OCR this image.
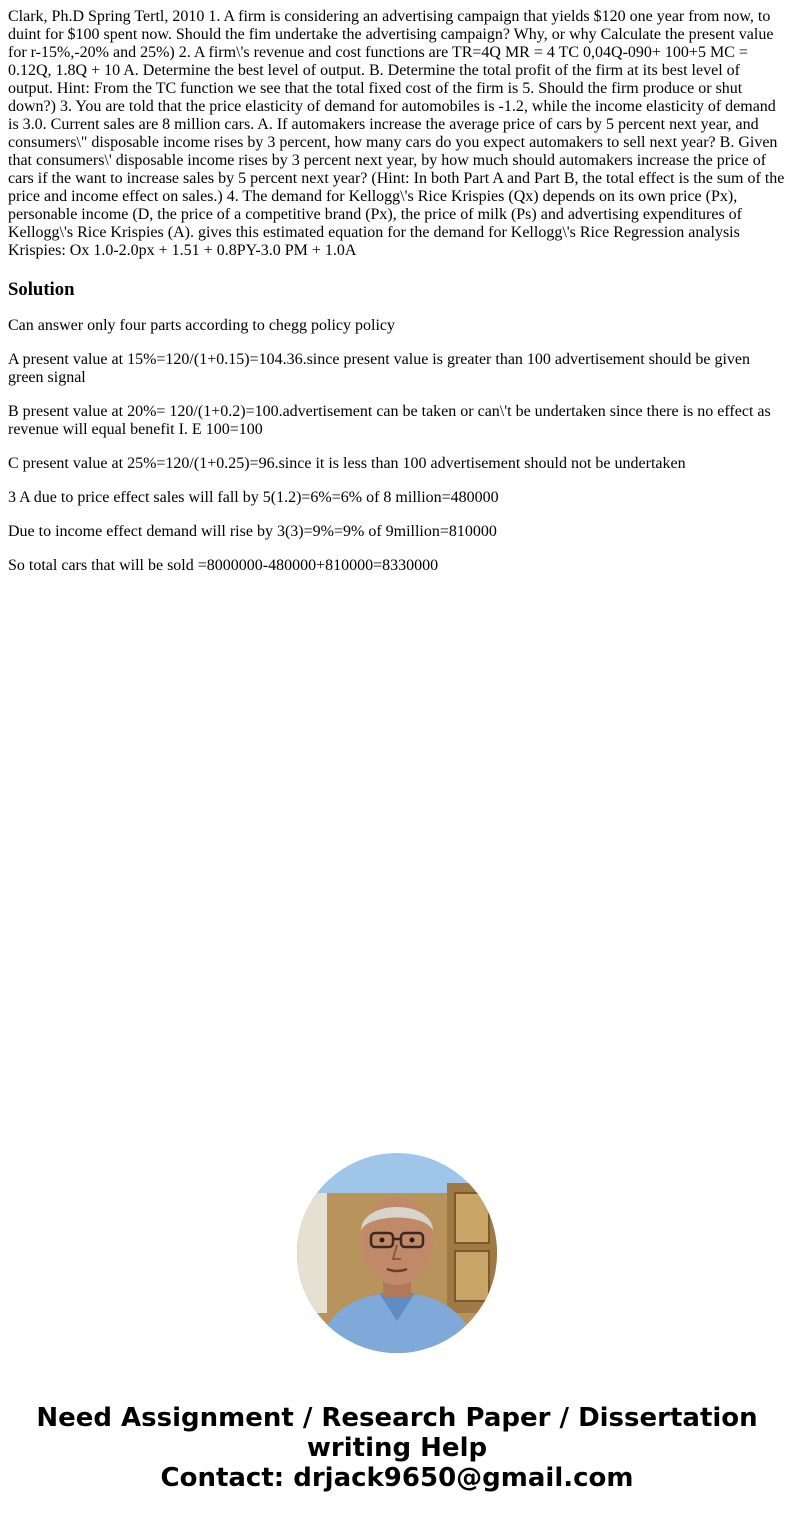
Clark, Ph.D Spring Tertl, 2010 1. A firm is considering an advertising campaign that yields $120 one year from now, to duint for $100 spent now. Should the fim undertake the advertising campaign? Why, or why Calculate the present value for r-15%,-20% and 25%) 2. A firm\'s revenue and cost functions are TR=4Q MR = 4 TC 0,04Q-090+ 100+5 MC = 0.12Q, 1.8Q + 10 A. Determine the best level of output. B. Determine the total profit of the firm at its best level of output. Hint: From the TC function we see that the total fixed cost of the firm is 5. Should the firm produce or shut down?) 3. You are told that the price elasticity of demand for automobiles is -1.2, while the income elasticity of demand is 3.0. Current sales are 8 million cars. A. If automakers increase the average price of cars by 5 percent next year, and consumers\" disposable income rises by 3 percent, how many cars do you expect automakers to sell next year? B. Given that consumers\' disposable income rises by 3 percent next year, by how much should automakers increase the price of cars if the want to increase sales by 5 percent next year? (Hint: In both Part A and Part B, the total effect is the sum of the price and income effect on sales.) 4. The demand for Kellogg\'s Rice Krispies (Qx) depends on its own price (Px), personable income (D, the price of a competitive brand (Px), the price of milk (Ps) and advertising expenditures of Kellogg\'s Rice Krispies (A). gives this estimated equation for the demand for Kellogg\'s Rice Regression analysis Krispies: Ox 1.0-2.0px + 1.51 + 0.8PY-3.0 PM + 1.0A

Solution

Can answer only four parts according to chegg policy policy

A present value at 15%=120/(1+0.15)=104.36.since present value is greater than 100 advertisement should be given green signal

B present value at 20%= 120/(1+0.2)=100.advertisement can be taken or can\'t be undertaken since there is no effect as revenue will equal benefit I. E 100=100

C present value at 25%=120/(1+0.25)=96.since it is less than 100 advertisement should not be undertaken

3 A due to price effect sales will fall by 5(1.2)=6%=6% of 8 million=480000

Due to income effect demand will rise by 3(3)=9%=9% of 9million=810000

So total cars that will be sold =8000000-480000+810000=8330000

Need Assignment / Research Paper / Dissertation
writing Help
Contact: drjack9650@gmail.com
